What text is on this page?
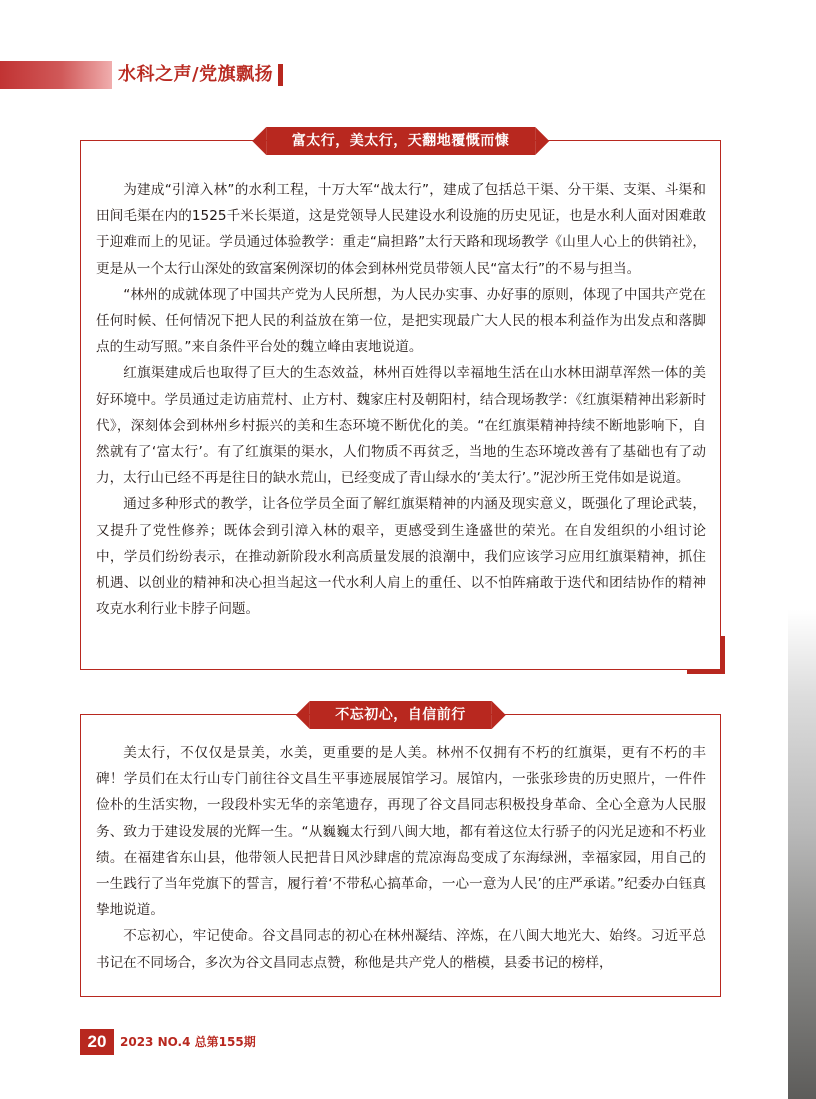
水科之声/党旗飘扬
富太行，美太行，天翻地覆慨而慷

为建成“引漳入林”的水利工程，十万大军“战太行”，建成了包括总干渠、分干渠、支渠、斗渠和田间毛渠在内的1525千米长渠道，这是党领导人民建设水利设施的历史见证，也是水利人面对困难敢于迎难而上的见证。学员通过体验教学：重走“扁担路”太行天路和现场教学《山里人心上的供销社》，更是从一个太行山深处的致富案例深切的体会到林州党员带领人民“富太行”的不易与担当。

“林州的成就体现了中国共产党为人民所想，为人民办实事、办好事的原则，体现了中国共产党在任何时候、任何情况下把人民的利益放在第一位，是把实现最广大人民的根本利益作为出发点和落脚点的生动写照。”来自条件平台处的魏立峰由衷地说道。

红旗渠建成后也取得了巨大的生态效益，林州百姓得以幸福地生活在山水林田湖草浑然一体的美好环境中。学员通过走访庙荒村、止方村、魏家庄村及朝阳村，结合现场教学：《红旗渠精神出彩新时代》，深刻体会到林州乡村振兴的美和生态环境不断优化的美。“在红旗渠精神持续不断地影响下，自然就有了‘富太行’。有了红旗渠的渠水，人们物质不再贫乏，当地的生态环境改善有了基础也有了动力，太行山已经不再是往日的缺水荒山，已经变成了青山绿水的‘美太行’。”泥沙所王党伟如是说道。

通过多种形式的教学，让各位学员全面了解红旗渠精神的内涵及现实意义，既强化了理论武装，又提升了党性修养；既体会到引漳入林的艰辛，更感受到生逢盛世的荣光。在自发组织的小组讨论中，学员们纷纷表示，在推动新阶段水利高质量发展的浪潮中，我们应该学习应用红旗渠精神，抓住机遇、以创业的精神和决心担当起这一代水利人肩上的重任、以不怕阵痛敢于迭代和团结协作的精神攻克水利行业卡脖子问题。

不忘初心，自信前行

美太行，不仅仅是景美，水美，更重要的是人美。林州不仅拥有不朽的红旗渠，更有不朽的丰碑！学员们在太行山专门前往谷文昌生平事迹展展馆学习。展馆内，一张张珍贵的历史照片，一件件俭朴的生活实物，一段段朴实无华的亲笔遗存，再现了谷文昌同志积极投身革命、全心全意为人民服务、致力于建设发展的光辉一生。“从巍巍太行到八闽大地，都有着这位太行骄子的闪光足迹和不朽业绩。在福建省东山县，他带领人民把昔日风沙肆虐的荒凉海岛变成了东海绿洲，幸福家园，用自己的一生践行了当年党旗下的誓言，履行着‘不带私心搞革命，一心一意为人民’的庄严承诺。”纪委办白钰真挚地说道。

不忘初心，牢记使命。谷文昌同志的初心在林州凝结、淬炼，在八闽大地光大、始终。习近平总书记在不同场合，多次为谷文昌同志点赞，称他是共产党人的楷模，县委书记的榜样，

20	2023 NO.4 总第155期
